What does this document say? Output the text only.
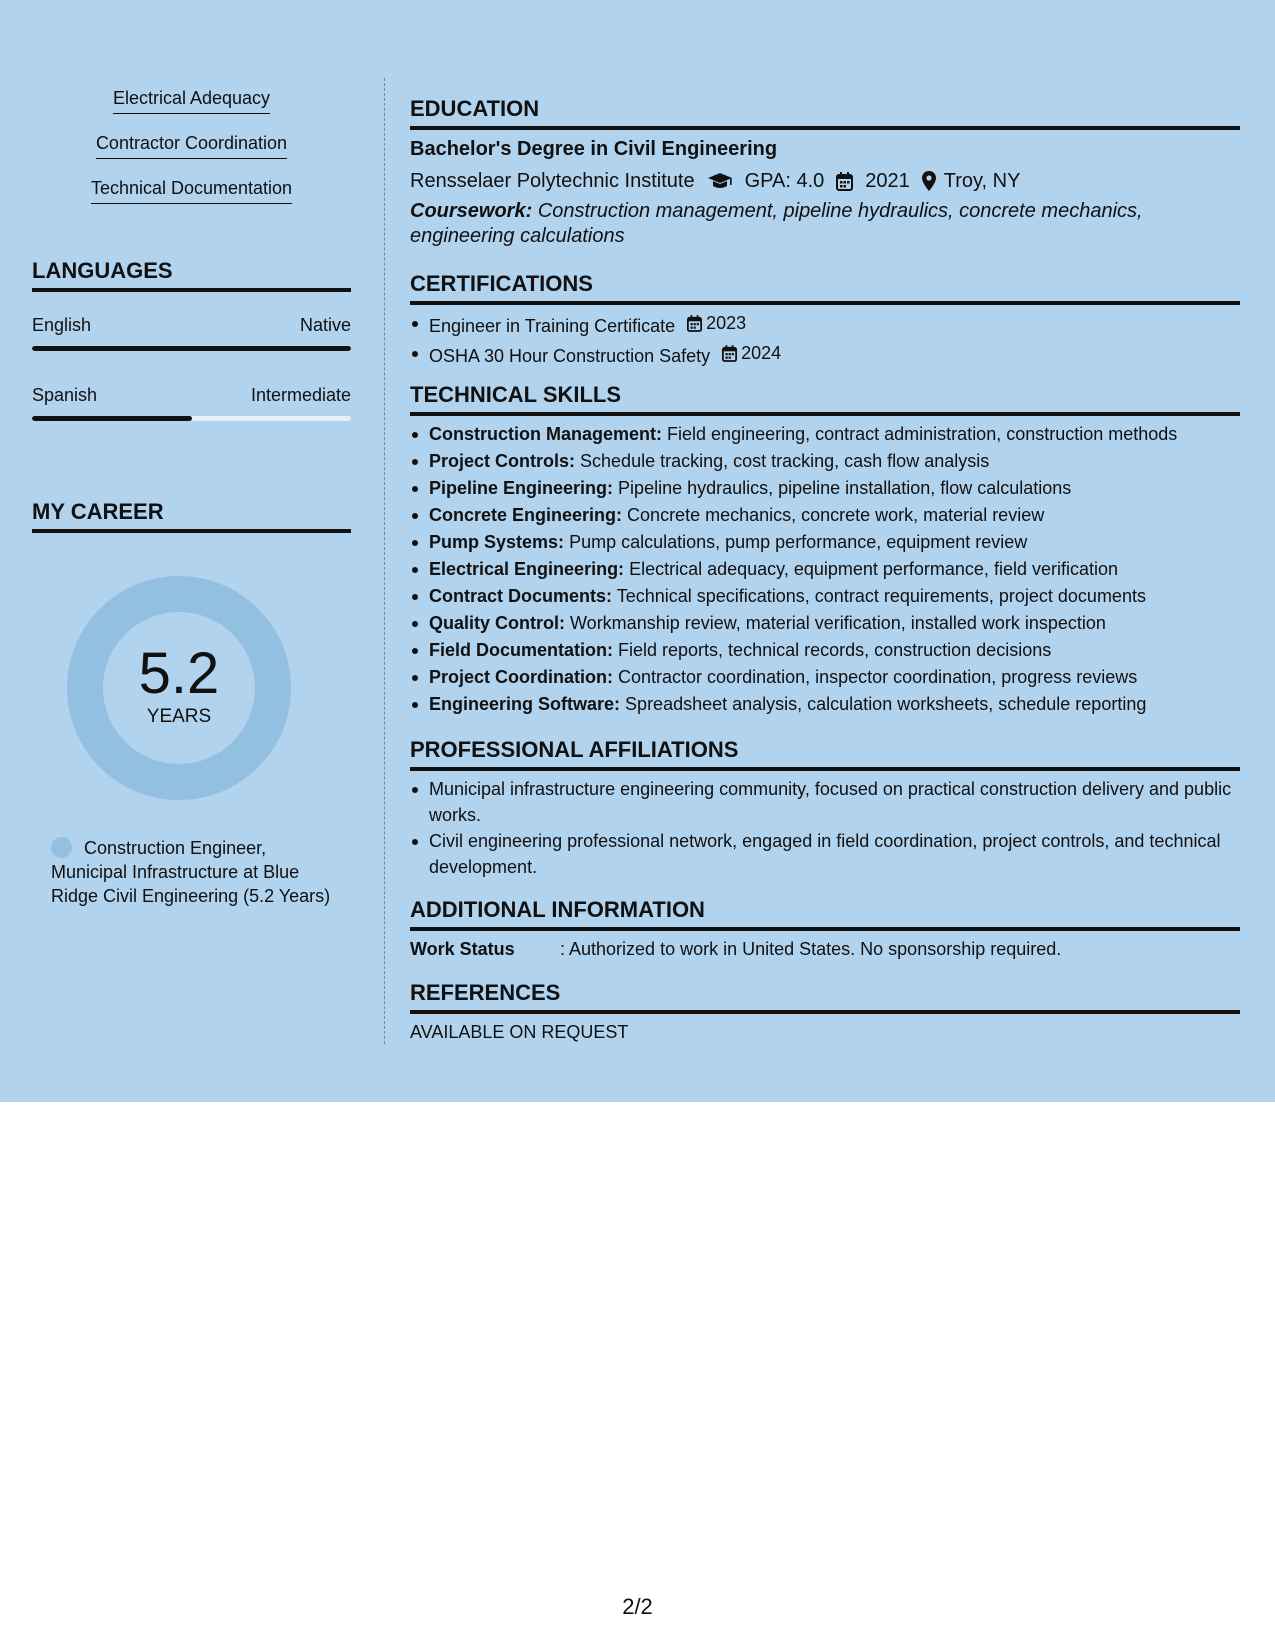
Electrical Adequacy
Contractor Coordination
Technical Documentation
LANGUAGES
English	Native
Spanish	Intermediate
MY CAREER
5.2
YEARS
Construction Engineer, Municipal Infrastructure at Blue Ridge Civil Engineering (5.2 Years)
EDUCATION
Bachelor's Degree in Civil Engineering
Rensselaer Polytechnic Institute	GPA: 4.0 2021 Troy, NY
Coursework: Construction management, pipeline hydraulics, concrete mechanics, engineering calculations
CERTIFICATIONS
Engineer in Training Certificate 2023
OSHA 30 Hour Construction Safety 2024
TECHNICAL SKILLS
Construction Management: Field engineering, contract administration, construction methods
Project Controls: Schedule tracking, cost tracking, cash flow analysis
Pipeline Engineering: Pipeline hydraulics, pipeline installation, flow calculations
Concrete Engineering: Concrete mechanics, concrete work, material review
Pump Systems: Pump calculations, pump performance, equipment review
Electrical Engineering: Electrical adequacy, equipment performance, field verification
Contract Documents: Technical specifications, contract requirements, project documents
Quality Control: Workmanship review, material verification, installed work inspection
Field Documentation: Field reports, technical records, construction decisions
Project Coordination: Contractor coordination, inspector coordination, progress reviews
Engineering Software: Spreadsheet analysis, calculation worksheets, schedule reporting
PROFESSIONAL AFFILIATIONS
Municipal infrastructure engineering community, focused on practical construction delivery and public works.
Civil engineering professional network, engaged in field coordination, project controls, and technical development.
ADDITIONAL INFORMATION
Work Status	: Authorized to work in United States. No sponsorship required.
REFERENCES
AVAILABLE ON REQUEST
2/2
